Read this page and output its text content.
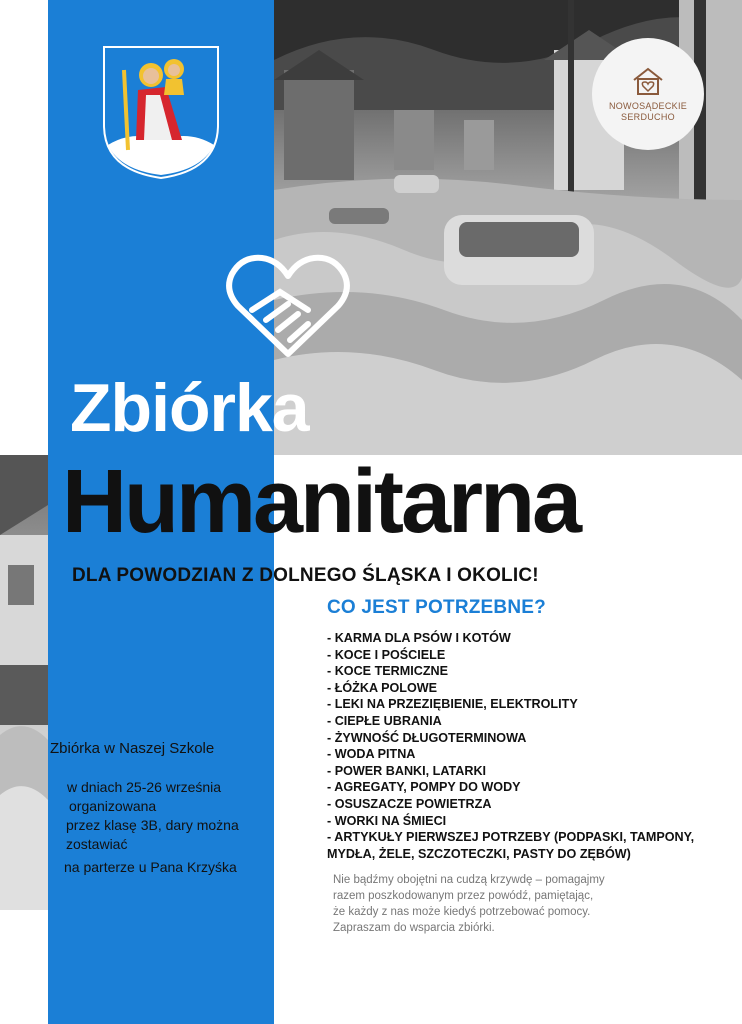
NOWOSĄDECKIE
SERDUCHO
Zbiórka
Humanitarna
DLA POWODZIAN Z DOLNEGO ŚLĄSKA I OKOLIC!
CO JEST POTRZEBNE?
- KARMA DLA PSÓW I KOTÓW
- KOCE I POŚCIELE
- KOCE TERMICZNE
- ŁÓŻKA POLOWE
- LEKI NA PRZEZIĘBIENIE, ELEKTROLITY
- CIEPŁE UBRANIA
- ŻYWNOŚĆ DŁUGOTERMINOWA
- WODA PITNA
- POWER BANKI, LATARKI
- AGREGATY, POMPY DO WODY
- OSUSZACZE POWIETRZA
- WORKI NA ŚMIECI
- ARTYKUŁY PIERWSZEJ POTRZEBY (PODPASKI, TAMPONY,
MYDŁA, ŻELE, SZCZOTECZKI, PASTY DO ZĘBÓW)

Nie bądźmy obojętni na cudzą krzywdę – pomagajmy

razem poszkodowanym przez powódź, pamiętając,

że każdy z nas może kiedyś potrzebować pomocy.

Zapraszam do wsparcia zbiórki.

Zbiórka w Naszej Szkole
w dniach 25-26 września
organizowana
przez klasę 3B, dary można
zostawiać
na parterze u Pana Krzyśka
